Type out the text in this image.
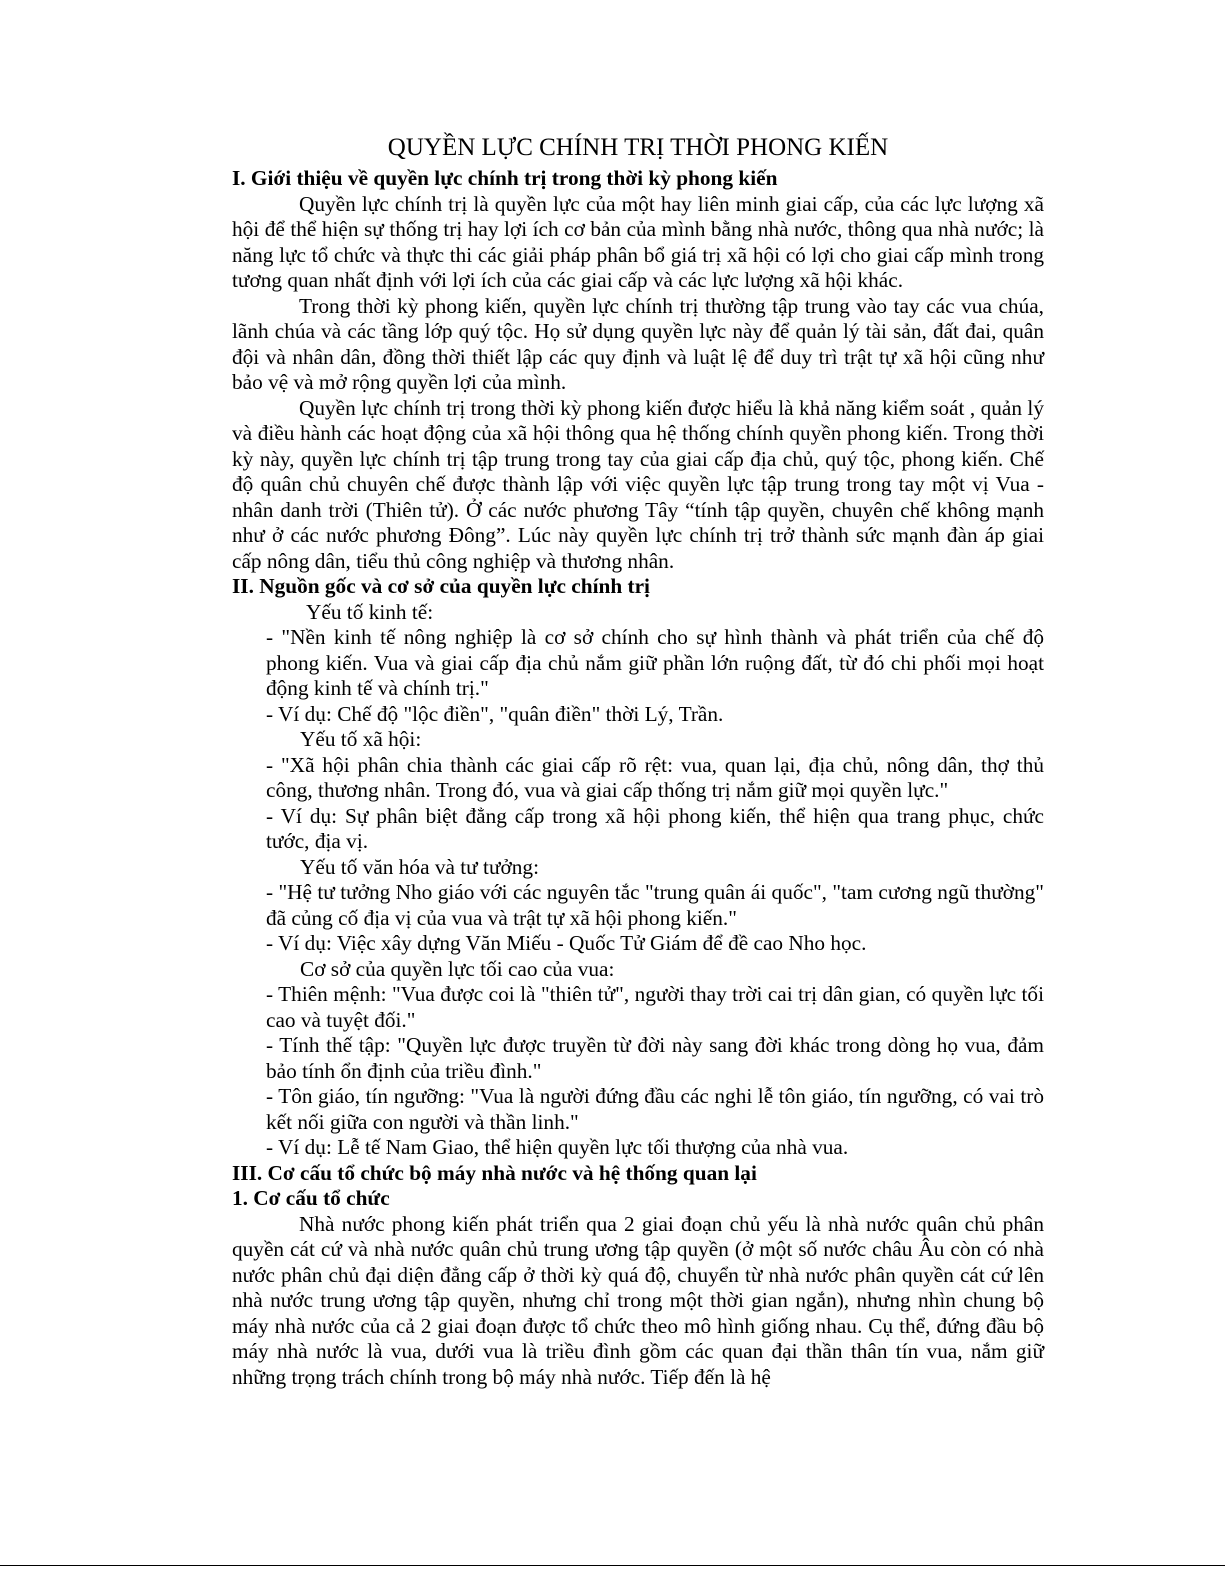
QUYỀN LỰC CHÍNH TRỊ THỜI PHONG KIẾN
I. Giới thiệu về quyền lực chính trị trong thời kỳ phong kiến

Quyền lực chính trị là quyền lực của một hay liên minh giai cấp, của các lực lượng xã hội để thể hiện sự thống trị hay lợi ích cơ bản của mình bằng nhà nước, thông qua nhà nước; là năng lực tổ chức và thực thi các giải pháp phân bổ giá trị xã hội có lợi cho giai cấp mình trong tương quan nhất định với lợi ích của các giai cấp và các lực lượng xã hội khác.

Trong thời kỳ phong kiến, quyền lực chính trị thường tập trung vào tay các vua chúa, lãnh chúa và các tầng lớp quý tộc. Họ sử dụng quyền lực này để quản lý tài sản, đất đai, quân đội và nhân dân, đồng thời thiết lập các quy định và luật lệ để duy trì trật tự xã hội cũng như bảo vệ và mở rộng quyền lợi của mình.

Quyền lực chính trị trong thời kỳ phong kiến được hiểu là khả năng kiểm soát , quản lý và điều hành các hoạt động của xã hội thông qua hệ thống chính quyền phong kiến. Trong thời kỳ này, quyền lực chính trị tập trung trong tay của giai cấp địa chủ, quý tộc, phong kiến. Chế độ quân chủ chuyên chế được thành lập với việc quyền lực tập trung trong tay một vị Vua - nhân danh trời (Thiên tử). Ở các nước phương Tây “tính tập quyền, chuyên chế không mạnh như ở các nước phương Đông”. Lúc này quyền lực chính trị trở thành sức mạnh đàn áp giai cấp nông dân, tiểu thủ công nghiệp và thương nhân.

II. Nguồn gốc và cơ sở của quyền lực chính trị
Yếu tố kinh tế:
- "Nền kinh tế nông nghiệp là cơ sở chính cho sự hình thành và phát triển của chế độ phong kiến. Vua và giai cấp địa chủ nắm giữ phần lớn ruộng đất, từ đó chi phối mọi hoạt động kinh tế và chính trị."
- Ví dụ: Chế độ "lộc điền", "quân điền" thời Lý, Trần.
Yếu tố xã hội:
- "Xã hội phân chia thành các giai cấp rõ rệt: vua, quan lại, địa chủ, nông dân, thợ thủ công, thương nhân. Trong đó, vua và giai cấp thống trị nắm giữ mọi quyền lực."
- Ví dụ: Sự phân biệt đẳng cấp trong xã hội phong kiến, thể hiện qua trang phục, chức tước, địa vị.
Yếu tố văn hóa và tư tưởng:
- "Hệ tư tưởng Nho giáo với các nguyên tắc "trung quân ái quốc", "tam cương ngũ thường" đã củng cố địa vị của vua và trật tự xã hội phong kiến."
- Ví dụ: Việc xây dựng Văn Miếu - Quốc Tử Giám để đề cao Nho học.
Cơ sở của quyền lực tối cao của vua:
- Thiên mệnh: "Vua được coi là "thiên tử", người thay trời cai trị dân gian, có quyền lực tối cao và tuyệt đối."
- Tính thế tập: "Quyền lực được truyền từ đời này sang đời khác trong dòng họ vua, đảm bảo tính ổn định của triều đình."
- Tôn giáo, tín ngưỡng: "Vua là người đứng đầu các nghi lễ tôn giáo, tín ngưỡng, có vai trò kết nối giữa con người và thần linh."
- Ví dụ: Lễ tế Nam Giao, thể hiện quyền lực tối thượng của nhà vua.
III. Cơ cấu tổ chức bộ máy nhà nước và hệ thống quan lại
1. Cơ cấu tổ chức

Nhà nước phong kiến phát triển qua 2 giai đoạn chủ yếu là nhà nước quân chủ phân quyền cát cứ và nhà nước quân chủ trung ương tập quyền (ở một số nước châu Âu còn có nhà nước phân chủ đại diện đẳng cấp ở thời kỳ quá độ, chuyển từ nhà nước phân quyền cát cứ lên nhà nước trung ương tập quyền, nhưng chỉ trong một thời gian ngắn), nhưng nhìn chung bộ máy nhà nước của cả 2 giai đoạn được tổ chức theo mô hình giống nhau. Cụ thể, đứng đầu bộ máy nhà nước là vua, dưới vua là triều đình gồm các quan đại thần thân tín vua, nắm giữ những trọng trách chính trong bộ máy nhà nước. Tiếp đến là hệ
